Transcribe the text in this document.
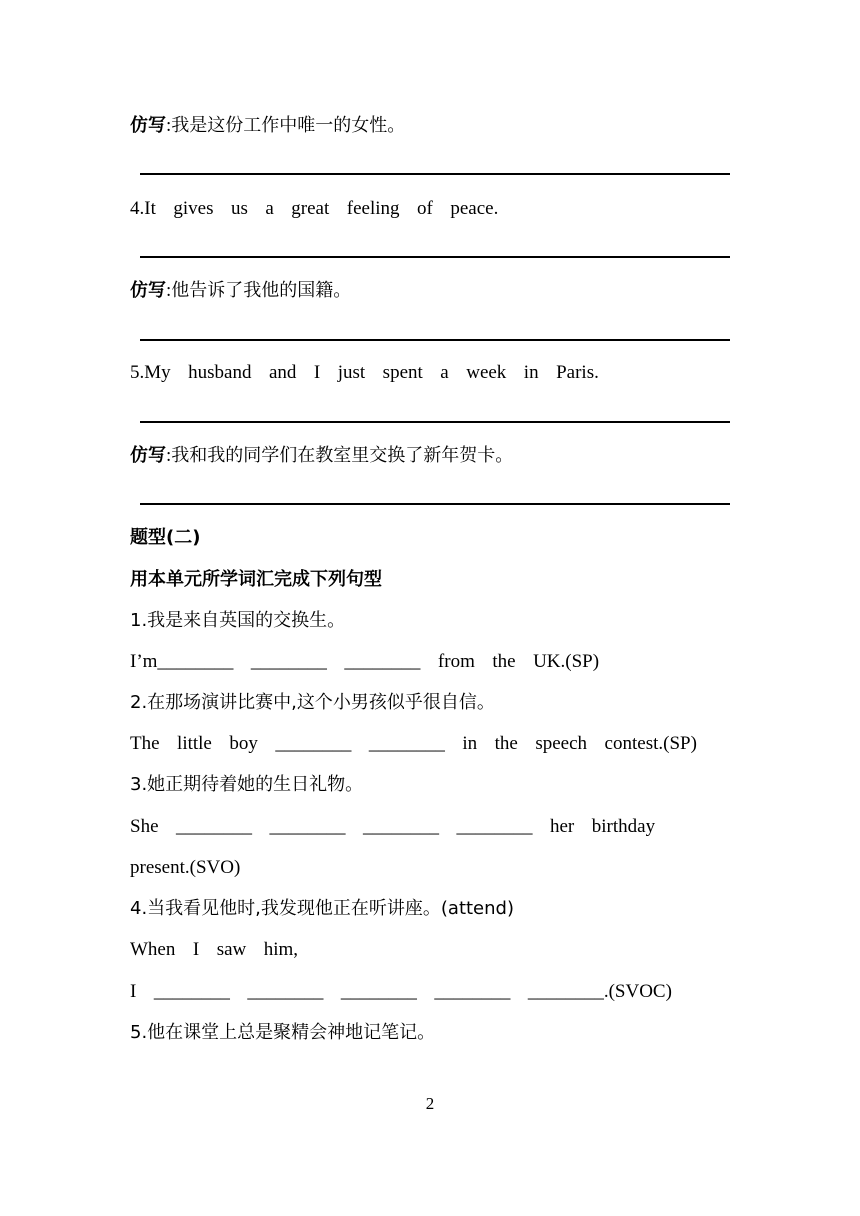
仿写:我是这份工作中唯一的女性。
4.It  gives  us  a  great  feeling  of  peace.
仿写:他告诉了我他的国籍。
5.My  husband  and  I  just  spent  a  week  in  Paris.
仿写:我和我的同学们在教室里交换了新年贺卡。
题型(二)
用本单元所学词汇完成下列句型
1.我是来自英国的交换生。
I’m________  ________  ________  from  the  UK.(SP)
2.在那场演讲比赛中,这个小男孩似乎很自信。
The  little  boy  ________  ________  in  the  speech  contest.(SP)
3.她正期待着她的生日礼物。
She  ________  ________  ________  ________  her  birthday
present.(SVO)
4.当我看见他时,我发现他正在听讲座。(attend)
When  I  saw  him,
I  ________  ________  ________  ________  ________.(SVOC)
5.他在课堂上总是聚精会神地记笔记。
2
